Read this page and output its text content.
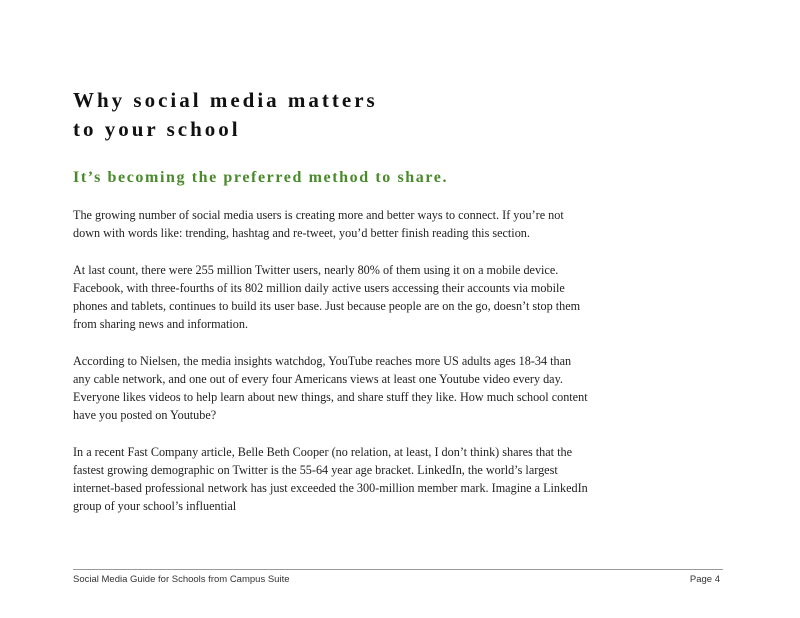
Why social media matters
to your school
It’s becoming the preferred method to share.

The growing number of social media users is creating more and better ways to connect. If you’re not down with words like: trending, hashtag and re-tweet, you’d better finish reading this section.

At last count, there were 255 million Twitter users, nearly 80% of them using it on a mobile device. Facebook, with three-fourths of its 802 million daily active users accessing their accounts via mobile phones and tablets, continues to build its user base. Just because people are on the go, doesn’t stop them from sharing news and information.

According to Nielsen, the media insights watchdog, YouTube reaches more US adults ages 18-34 than any cable network, and one out of every four Americans views at least one Youtube video every day. Everyone likes videos to help learn about new things, and share stuff they like. How much school content have you posted on Youtube?

In a recent Fast Company article, Belle Beth Cooper (no relation, at least, I don’t think) shares that the fastest growing demographic on Twitter is the 55-64 year age bracket. LinkedIn, the world’s largest internet-based professional network has just exceeded the 300-million member mark. Imagine a LinkedIn group of your school’s influential

Social Media Guide for Schools from Campus Suite	Page 4
